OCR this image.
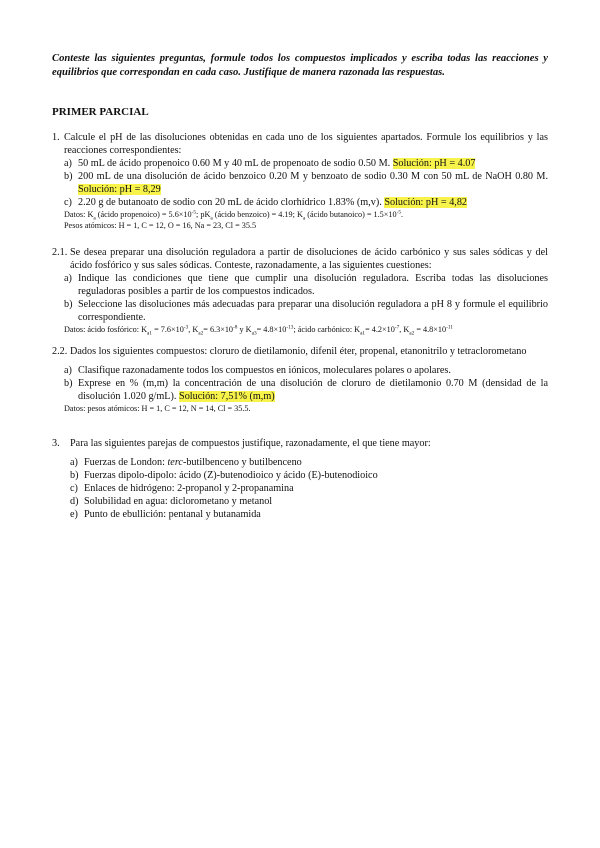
Conteste las siguientes preguntas, formule todos los compuestos implicados y escriba todas las reacciones y equilibrios que correspondan en cada caso. Justifique de manera razonada las respuestas.
PRIMER PARCIAL
1. Calcule el pH de las disoluciones obtenidas en cada uno de los siguientes apartados. Formule los equilibrios y las reacciones correspondientes:
a) 50 mL de ácido propenoico 0.60 M y 40 mL de propenoato de sodio 0.50 M. Solución: pH = 4.07
b) 200 mL de una disolución de ácido benzoico 0.20 M y benzoato de sodio 0.30 M con 50 mL de NaOH 0.80 M. Solución: pH = 8,29
c) 2.20 g de butanoato de sodio con 20 mL de ácido clorhídrico 1.83% (m,v). Solución: pH = 4,82
Datos: $K_a$ (ácido propenoico) = $5.6\times 10^{-5}$; $pK_a$ (ácido benzoico) = 4.19; $K_a$ (ácido butanoico) = $1.5\times 10^{-5}$.
Pesos atómicos: H = 1, C = 12, O = 16, Na = 23, Cl = 35.5
2.1. Se desea preparar una disolución reguladora a partir de disoluciones de ácido carbónico y sus sales sódicas y del ácido fosfórico y sus sales sódicas. Conteste, razonadamente, a las siguientes cuestiones:
a) Indique las condiciones que tiene que cumplir una disolución reguladora. Escriba todas las disoluciones reguladoras posibles a partir de los compuestos indicados.
b) Seleccione las disoluciones más adecuadas para preparar una disolución reguladora a pH 8 y formule el equilibrio correspondiente.
Datos: ácido fosfórico: $K_{a1} = 7.6\times 10^{-3}$, $K_{a2}= 6.3\times 10^{-8}$ y $K_{a3}= 4.8\times 10^{-13}$; ácido carbónico: $K_{a1}= 4.2\times 10^{-7}$, $K_{a2} = 4.8\times 10^{-11}$
2.2. Dados los siguientes compuestos: cloruro de dietilamonio, difenil éter, propenal, etanonitrilo y tetraclorometano
a) Clasifique razonadamente todos los compuestos en iónicos, moleculares polares o apolares.
b) Exprese en % (m,m) la concentración de una disolución de cloruro de dietilamonio 0.70 M (densidad de la disolución 1.020 g/mL). Solución: 7,51% (m,m)
Datos: pesos atómicos: H = 1, C = 12, N = 14, Cl = 35.5.
3. Para las siguientes parejas de compuestos justifique, razonadamente, el que tiene mayor:
a) Fuerzas de London: terc-butilbenceno y butilbenceno
b) Fuerzas dipolo-dipolo: ácido (Z)-butenodioico y ácido (E)-butenodioico
c) Enlaces de hidrógeno: 2-propanol y 2-propanamina
d) Solubilidad en agua: diclorometano y metanol
e) Punto de ebullición: pentanal y butanamida
